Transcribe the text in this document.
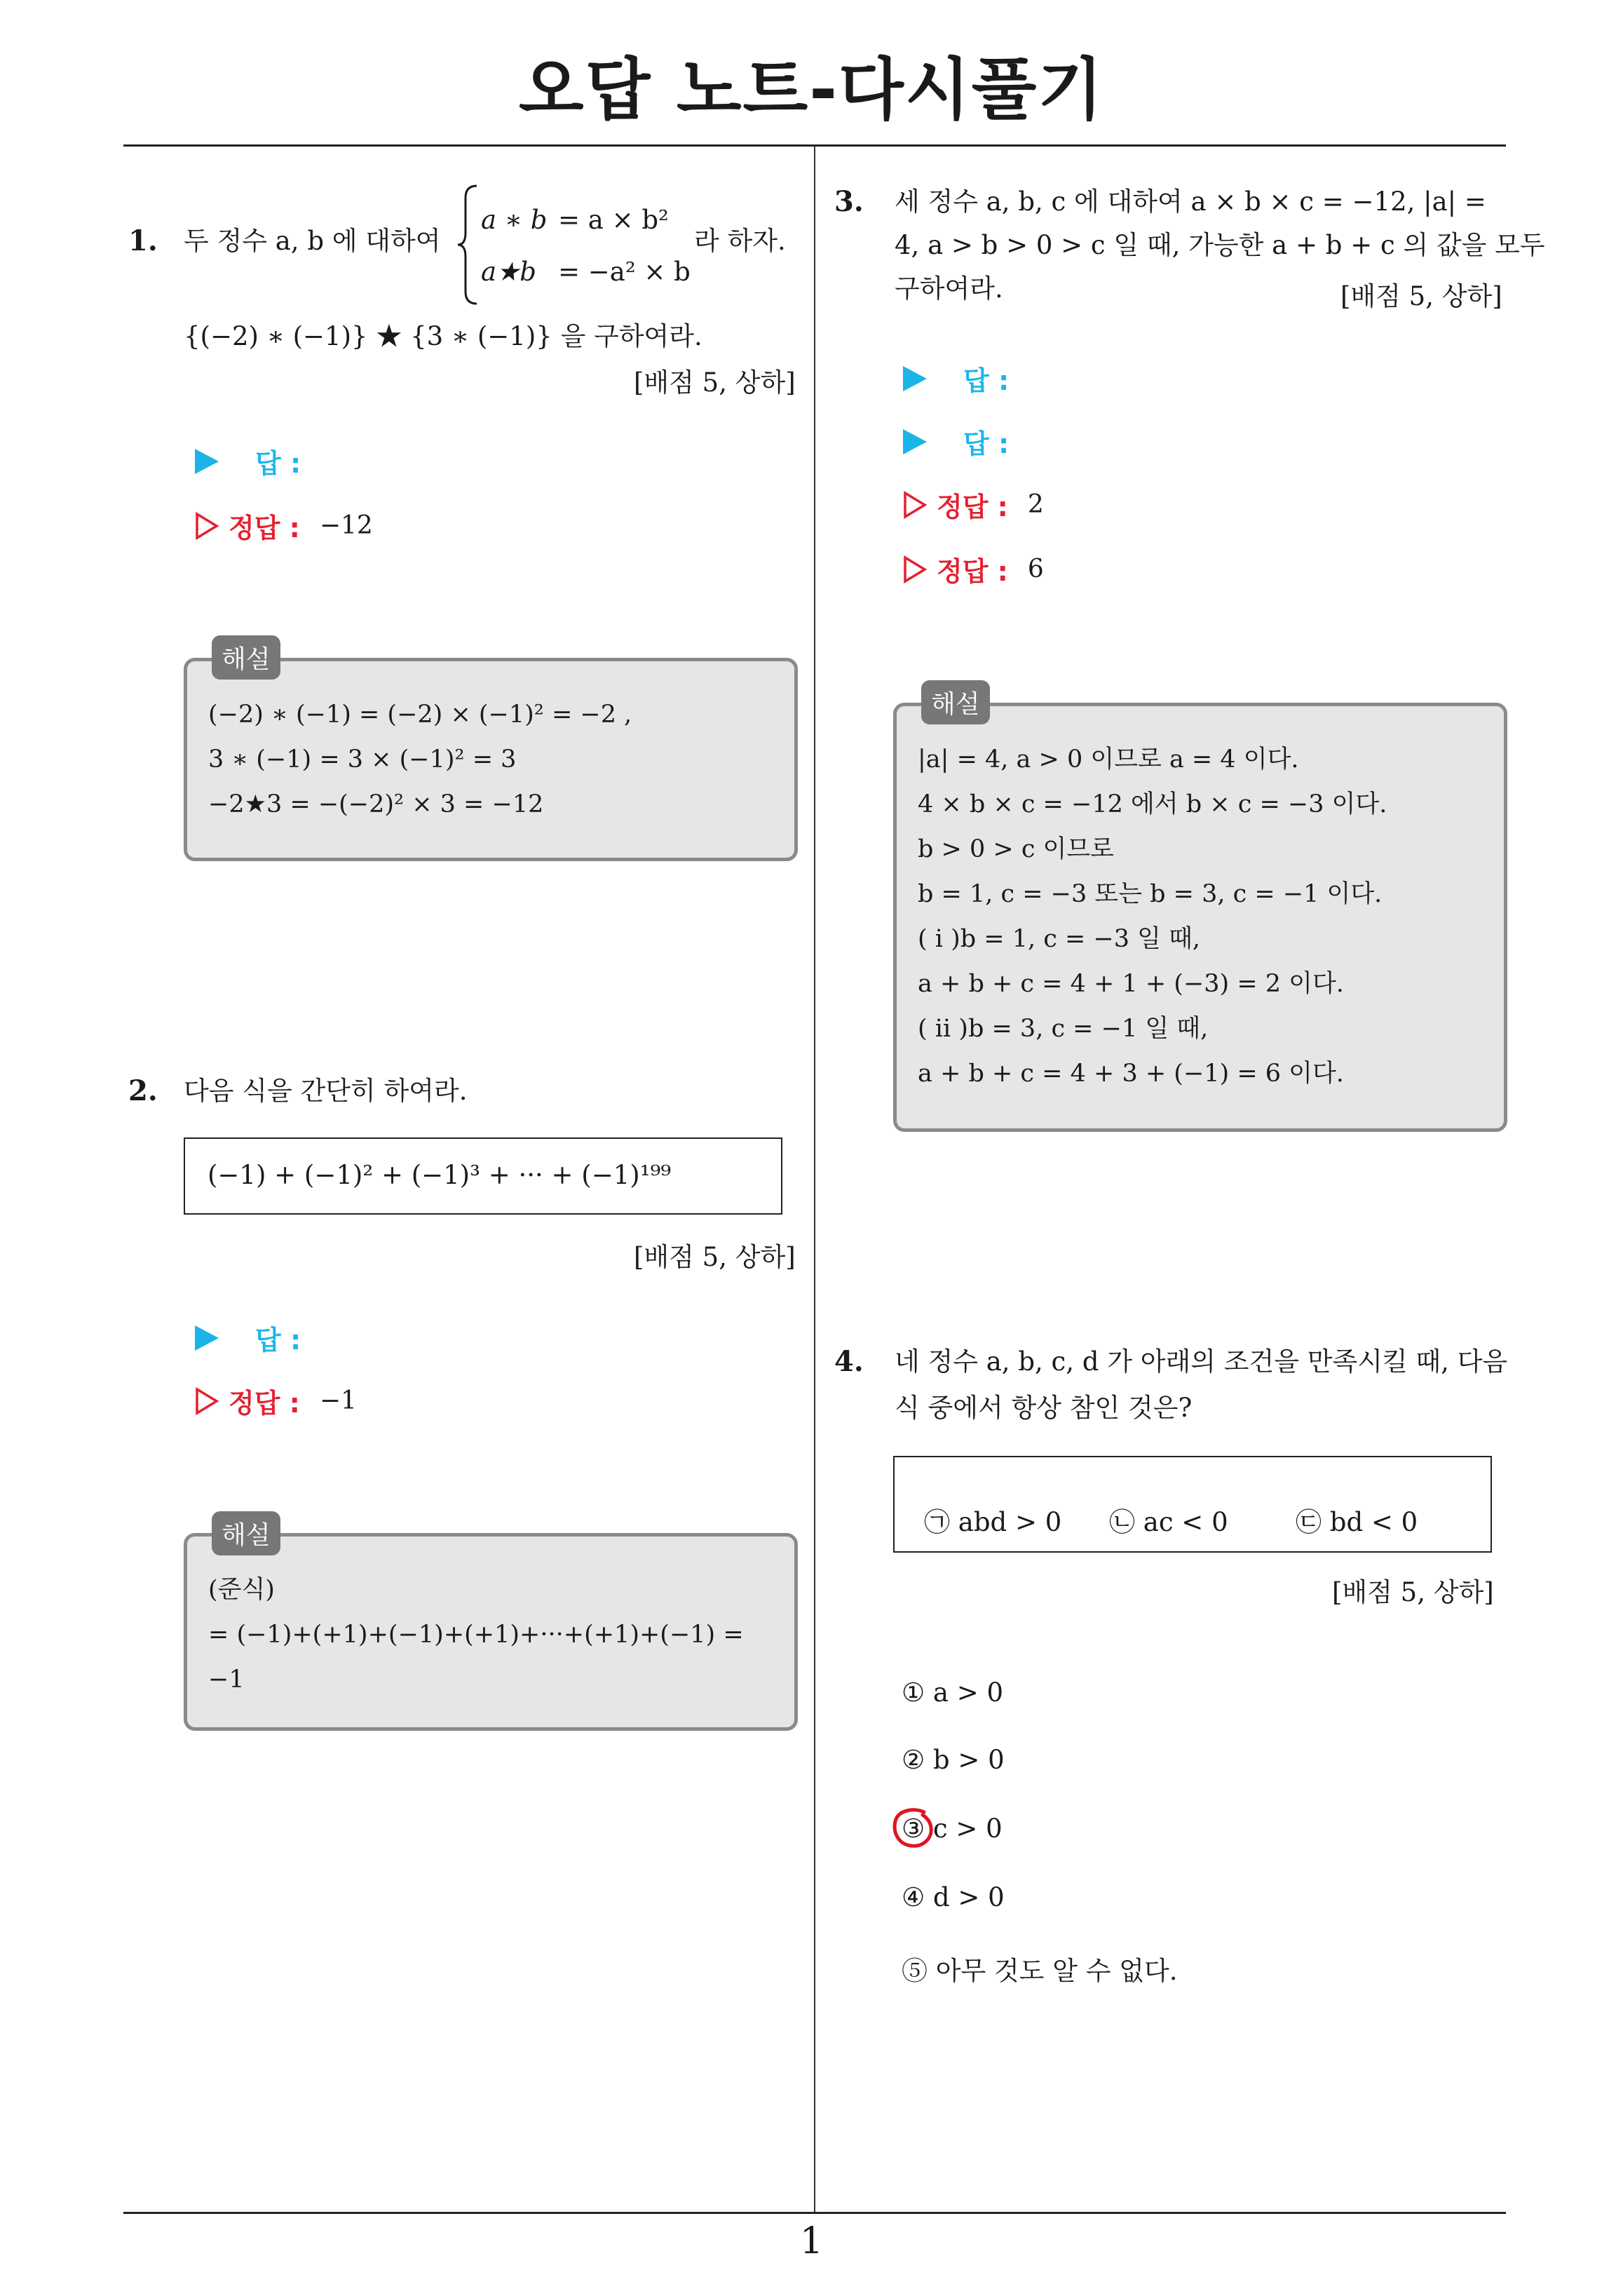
오답 노트-다시풀기
1. 두 정수 a, b 에 대하여
a ∗ b = a × b²
a★b = −a² × b
라 하자.
{(−2) ∗ (−1)} ★ {3 ∗ (−1)} 을 구하여라.
[배점 5, 상하]
답 :
정답 : −12
(−2) ∗ (−1) = (−2) × (−1)² = −2 ,
3 ∗ (−1) = 3 × (−1)² = 3
−2★3 = −(−2)² × 3 = −12
해설
2. 다음 식을 간단히 하여라.
(−1) + (−1)² + (−1)³ + ··· + (−1)¹⁹⁹
[배점 5, 상하]
답 :
정답 : −1
(준식)
= (−1)+(+1)+(−1)+(+1)+···+(+1)+(−1) =
−1
해설
3. 세 정수 a, b, c 에 대하여 a × b × c = −12, |a| =
4, a > b > 0 > c 일 때, 가능한 a + b + c 의 값을 모두
구하여라.	[배점 5, 상하]
답 :
답 :
정답 : 2
정답 : 6
|a| = 4, a > 0 이므로 a = 4 이다.
4 × b × c = −12 에서 b × c = −3 이다.
b > 0 > c 이므로
b = 1, c = −3 또는 b = 3, c = −1 이다.
( i )b = 1, c = −3 일 때,
a + b + c = 4 + 1 + (−3) = 2 이다.
( ii )b = 3, c = −1 일 때,
a + b + c = 4 + 3 + (−1) = 6 이다.
해설
4. 네 정수 a, b, c, d 가 아래의 조건을 만족시킬 때, 다음
식 중에서 항상 참인 것은?
㉠ abd > 0 ㉡ ac < 0	㉢ bd < 0
[배점 5, 상하]
① a > 0
② b > 0
③ c > 0
④ d > 0
⑤ 아무 것도 알 수 없다.
1
